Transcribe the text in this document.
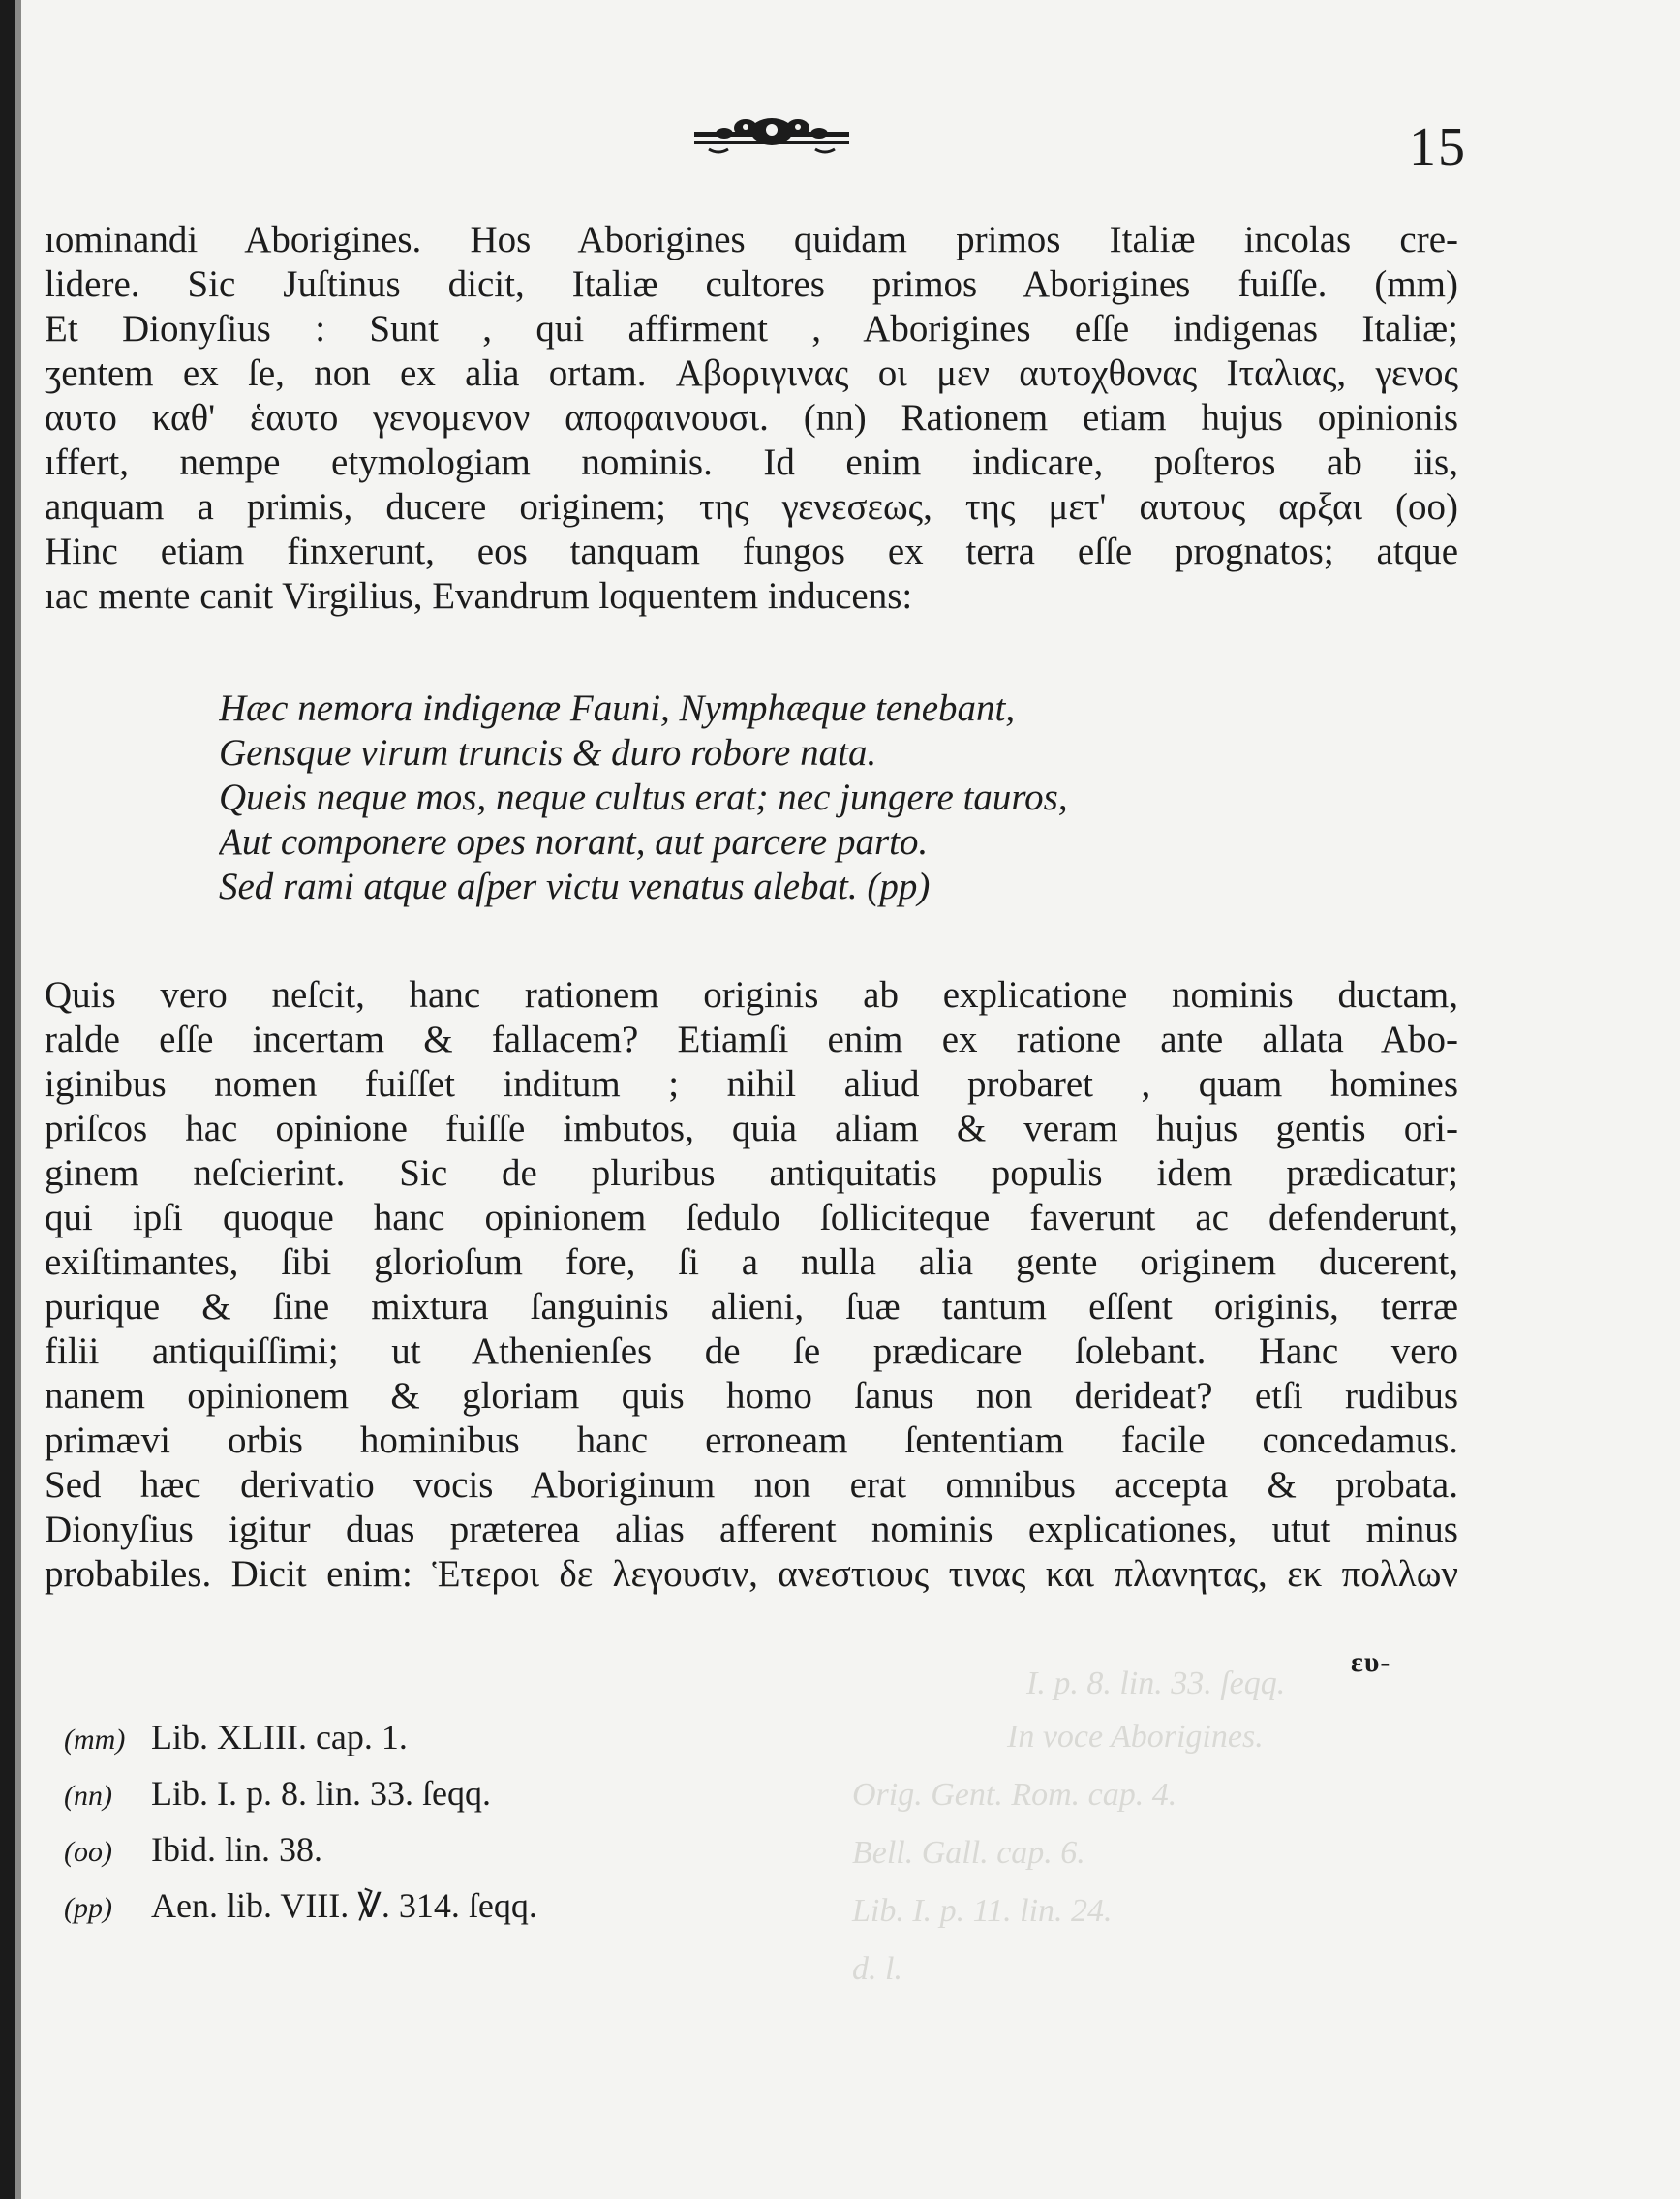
I. p. 8. lin. 33. ſeqq.
In voce Aborigines.
Orig. Gent. Rom. cap. 4.
Bell. Gall. cap. 6.
Lib. I. p. 11. lin. 24.
d. l.
15
ıominandi Aborigines. Hos Aborigines quidam primos Italiæ incolas cre-
lidere. Sic Juſtinus dicit, Italiæ cultores primos Aborigines fuiſſe. (mm)
Et Dionyſius : Sunt , qui affirment , Aborigines eſſe indigenas Italiæ;
ʒentem ex ſe, non ex alia ortam. Αβοριγινας οι μεν αυτοχθονας Ιταλιας, γενος
αυτο καθ' ἑαυτο γενομενον αποφαινουσι. (nn) Rationem etiam hujus opinionis
ıffert, nempe etymologiam nominis. Id enim indicare, poſteros ab iis,
anquam a primis, ducere originem; της γενεσεως, της μετ' αυτους αρξαι (oo)
Hinc etiam finxerunt, eos tanquam fungos ex terra eſſe prognatos; atque
ıac mente canit Virgilius, Evandrum loquentem inducens:
Hæc nemora indigenæ Fauni, Nymphæque tenebant,
Gensque virum truncis & duro robore nata.
Queis neque mos, neque cultus erat; nec jungere tauros,
Aut componere opes norant, aut parcere parto.
Sed rami atque aſper victu venatus alebat. (pp)
Quis vero neſcit, hanc rationem originis ab explicatione nominis ductam,
ralde eſſe incertam & fallacem? Etiamſi enim ex ratione ante allata Abo-
iginibus nomen fuiſſet inditum ; nihil aliud probaret , quam homines
priſcos hac opinione fuiſſe imbutos, quia aliam & veram hujus gentis ori-
ginem neſcierint. Sic de pluribus antiquitatis populis idem prædicatur;
qui ipſi quoque hanc opinionem ſedulo ſolliciteque faverunt ac defenderunt,
exiſtimantes, ſibi glorioſum fore, ſi a nulla alia gente originem ducerent,
purique & ſine mixtura ſanguinis alieni, ſuæ tantum eſſent originis, terræ
filii antiquiſſimi; ut Athenienſes de ſe prædicare ſolebant. Hanc vero
nanem opinionem & gloriam quis homo ſanus non derideat? etſi rudibus
primævi orbis hominibus hanc erroneam ſententiam facile concedamus.
Sed hæc derivatio vocis Aboriginum non erat omnibus accepta & probata.
Dionyſius igitur duas præterea alias afferent nominis explicationes, utut minus
probabiles. Dicit enim: Ἑτεροι δε λεγουσιν, ανεστιους τινας και πλανητας, εκ πολλων
ευ-
(mm) Lib. XLIII. cap. 1.
(nn) Lib. I. p. 8. lin. 33. ſeqq.
(oo) Ibid. lin. 38.
(pp) Aen. lib. VIII. ℣. 314. ſeqq.
